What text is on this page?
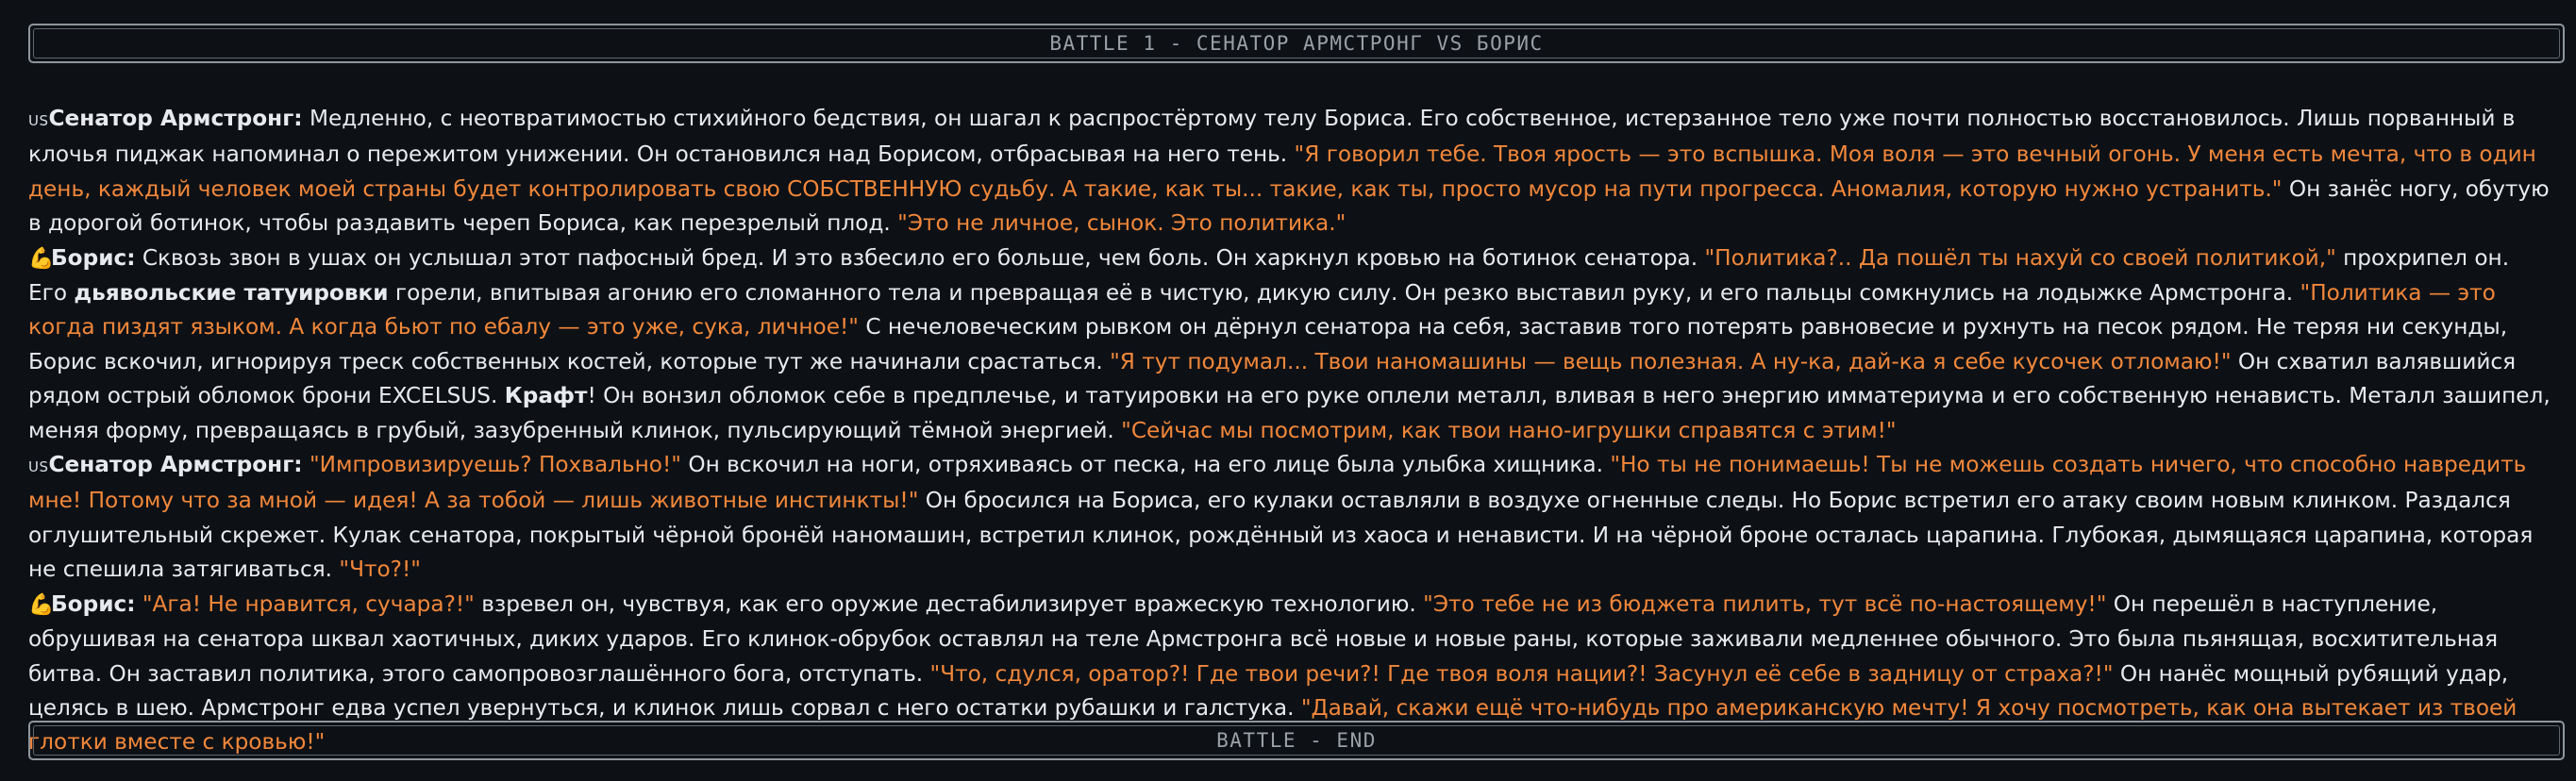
BATTLE 1 - СЕНАТОР АРМСТРОНГ VS БОРИС

USСенатор Армстронг: Медленно, с неотвратимостью стихийного бедствия, он шагал к распростёртому телу Бориса. Его собственное, истерзанное тело уже почти полностью восстановилось. Лишь порванный в клочья пиджак напоминал о пережитом унижении. Он остановился над Борисом, отбрасывая на него тень. "Я говорил тебе. Твоя ярость — это вспышка. Моя воля — это вечный огонь. У меня есть мечта, что в один день, каждый человек моей страны будет контролировать свою СОБСТВЕННУЮ судьбу. А такие, как ты... такие, как ты, просто мусор на пути прогресса. Аномалия, которую нужно устранить." Он занёс ногу, обутую в дорогой ботинок, чтобы раздавить череп Бориса, как перезрелый плод. "Это не личное, сынок. Это политика."

💪Борис: Сквозь звон в ушах он услышал этот пафосный бред. И это взбесило его больше, чем боль. Он харкнул кровью на ботинок сенатора. "Политика?.. Да пошёл ты нахуй со своей политикой," прохрипел он. Его дьявольские татуировки горели, впитывая агонию его сломанного тела и превращая её в чистую, дикую силу. Он резко выставил руку, и его пальцы сомкнулись на лодыжке Армстронга. "Политика — это когда пиздят языком. А когда бьют по ебалу — это уже, сука, личное!" С нечеловеческим рывком он дёрнул сенатора на себя, заставив того потерять равновесие и рухнуть на песок рядом. Не теряя ни секунды, Борис вскочил, игнорируя треск собственных костей, которые тут же начинали срастаться. "Я тут подумал... Твои наномашины — вещь полезная. А ну-ка, дай-ка я себе кусочек отломаю!" Он схватил валявшийся рядом острый обломок брони EXCELSUS. Крафт! Он вонзил обломок себе в предплечье, и татуировки на его руке оплели металл, вливая в него энергию имматериума и его собственную ненависть. Металл зашипел, меняя форму, превращаясь в грубый, зазубренный клинок, пульсирующий тёмной энергией. "Сейчас мы посмотрим, как твои нано-игрушки справятся с этим!"

USСенатор Армстронг: "Импровизируешь? Похвально!" Он вскочил на ноги, отряхиваясь от песка, на его лице была улыбка хищника. "Но ты не понимаешь! Ты не можешь создать ничего, что способно навредить мне! Потому что за мной — идея! А за тобой — лишь животные инстинкты!" Он бросился на Бориса, его кулаки оставляли в воздухе огненные следы. Но Борис встретил его атаку своим новым клинком. Раздался оглушительный скрежет. Кулак сенатора, покрытый чёрной бронёй наномашин, встретил клинок, рождённый из хаоса и ненависти. И на чёрной броне осталась царапина. Глубокая, дымящаяся царапина, которая не спешила затягиваться. "Что?!"

💪Борис: "Ага! Не нравится, сучара?!" взревел он, чувствуя, как его оружие дестабилизирует вражескую технологию. "Это тебе не из бюджета пилить, тут всё по-настоящему!" Он перешёл в наступление, обрушивая на сенатора шквал хаотичных, диких ударов. Его клинок-обрубок оставлял на теле Армстронга всё новые и новые раны, которые заживали медленнее обычного. Это была пьянящая, восхитительная битва. Он заставил политика, этого самопровозглашённого бога, отступать. "Что, сдулся, оратор?! Где твои речи?! Где твоя воля нации?! Засунул её себе в задницу от страха?!" Он нанёс мощный рубящий удар, целясь в шею. Армстронг едва успел увернуться, и клинок лишь сорвал с него остатки рубашки и галстука. "Давай, скажи ещё что-нибудь про американскую мечту! Я хочу посмотреть, как она вытекает из твоей глотки вместе с кровью!"	BATTLE - END
